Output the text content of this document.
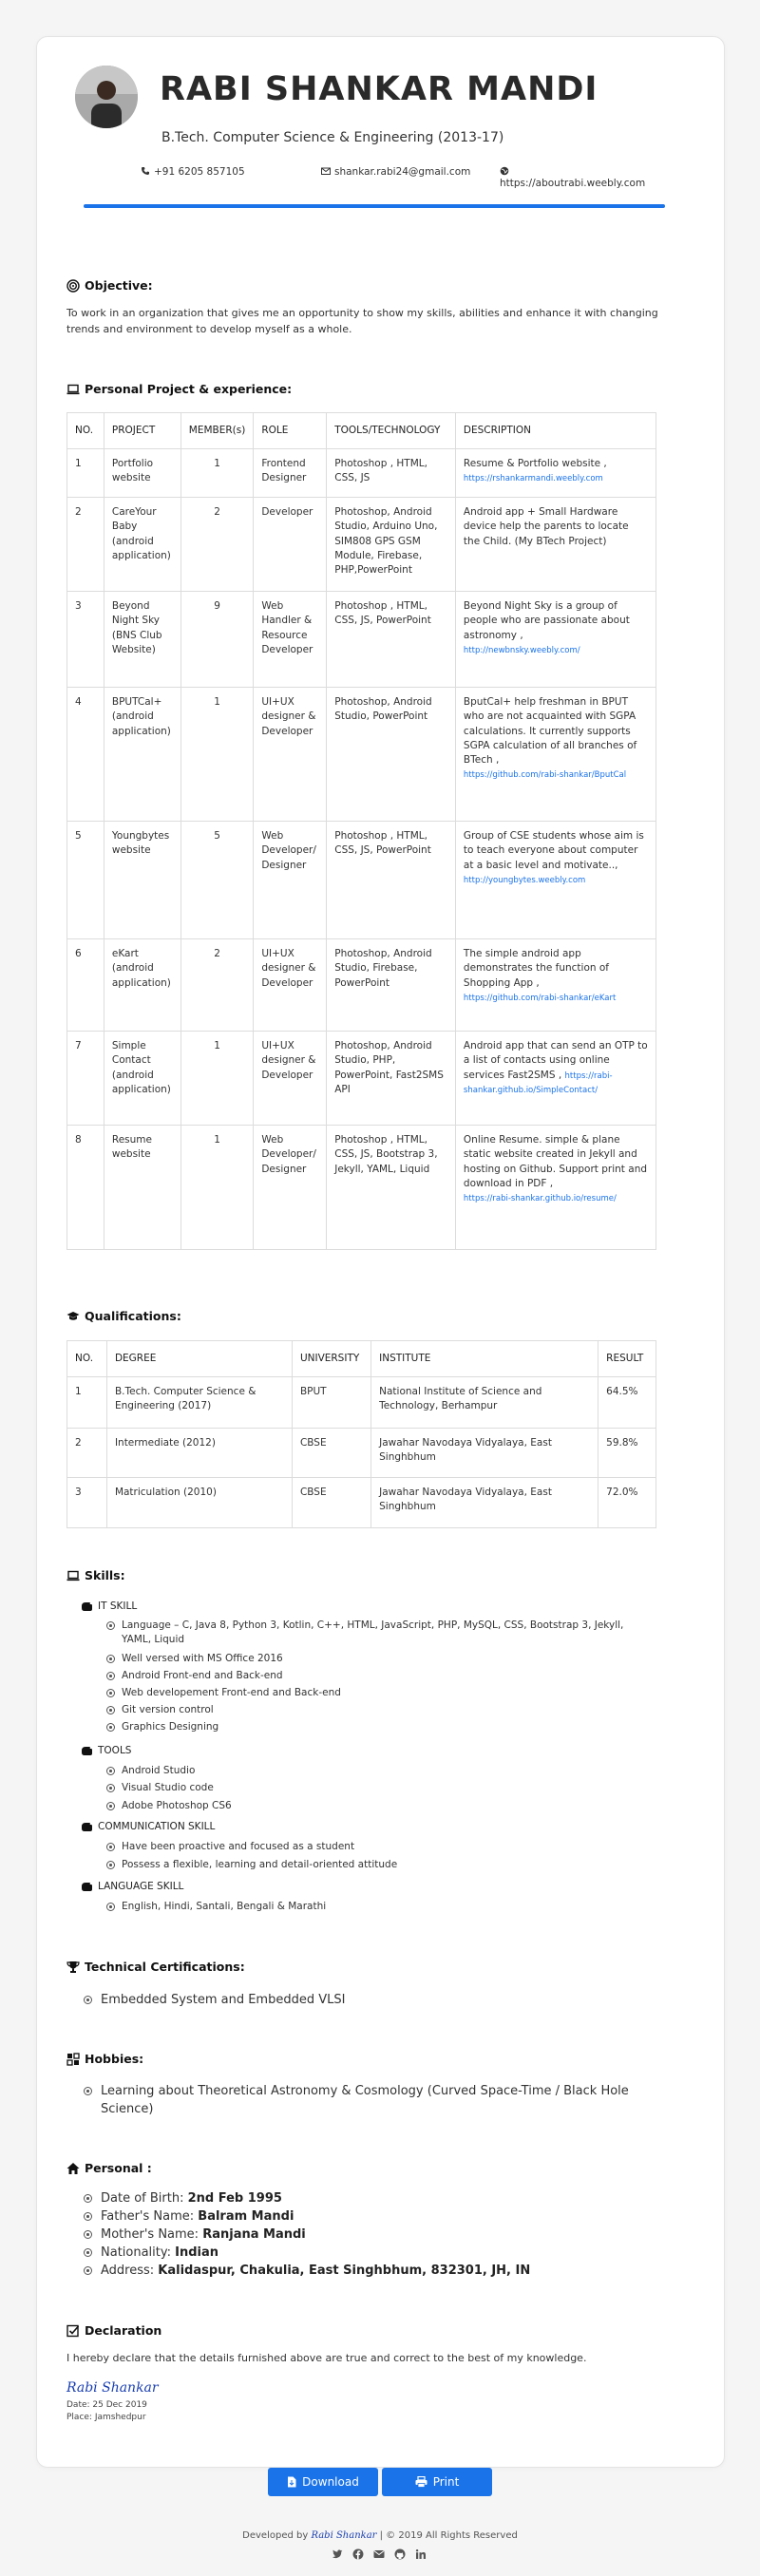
RABI SHANKAR MANDI
B.Tech. Computer Science & Engineering (2013-17)
+91 6205 857105	shankar.rabi24@gmail.com
https://aboutrabi.weebly.com
Objective:
To work in an organization that gives me an opportunity to show my skills, abilities and enhance it with changing trends and environment to develop myself as a whole.
Personal Project & experience:
NO.	PROJECT	MEMBER(s)	ROLE	TOOLS/TECHNOLOGY	DESCRIPTION
1	Portfolio website	1	Frontend Designer	Photoshop , HTML, CSS, JS	Resume & Portfolio website , https://rshankarmandi.weebly.com
2	CareYour Baby (android application)	2	Developer	Photoshop, Android Studio, Arduino Uno, SIM808 GPS GSM Module, Firebase, PHP,PowerPoint	Android app + Small Hardware device help the parents to locate the Child. (My BTech Project)
3	Beyond Night Sky (BNS Club Website)	9	Web Handler & Resource Developer	Photoshop , HTML, CSS, JS, PowerPoint	Beyond Night Sky is a group of people who are passionate about astronomy ,
http://newbnsky.weebly.com/
4	BPUTCal+ (android application)	1	UI+UX designer & Developer	Photoshop, Android Studio, PowerPoint	BputCal+ help freshman in BPUT who are not acquainted with SGPA calculations. It currently supports SGPA calculation of all branches of BTech ,
https://github.com/rabi-shankar/BputCal
5	Youngbytes website	5	Web Developer/ Designer	Photoshop , HTML, CSS, JS, PowerPoint	Group of CSE students whose aim is to teach everyone about computer at a basic level and motivate..,
http://youngbytes.weebly.com
6	eKart (android application)	2	UI+UX designer & Developer	Photoshop, Android Studio, Firebase, PowerPoint	The simple android app demonstrates the function of Shopping App ,
https://github.com/rabi-shankar/eKart
7	Simple Contact (android application)	1	UI+UX designer & Developer	Photoshop, Android Studio, PHP, PowerPoint, Fast2SMS API	Android app that can send an OTP to a list of contacts using online services Fast2SMS , https://rabi-shankar.github.io/SimpleContact/
8	Resume website	1	Web Developer/ Designer	Photoshop , HTML, CSS, JS, Bootstrap 3, Jekyll, YAML, Liquid	Online Resume. simple & plane static website created in Jekyll and hosting on Github. Support print and download in PDF ,
https://rabi-shankar.github.io/resume/
Qualifications:
NO.	DEGREE	UNIVERSITY	INSTITUTE	RESULT
1	B.Tech. Computer Science & Engineering (2017)	BPUT	National Institute of Science and Technology, Berhampur	64.5%
2	Intermediate (2012)	CBSE	Jawahar Navodaya Vidyalaya, East Singhbhum	59.8%
3	Matriculation (2010)	CBSE	Jawahar Navodaya Vidyalaya, East Singhbhum	72.0%
Skills:
IT SKILL
Language – C, Java 8, Python 3, Kotlin, C++, HTML, JavaScript, PHP, MySQL, CSS, Bootstrap 3, Jekyll, YAML, Liquid
Well versed with MS Office 2016
Android Front-end and Back-end
Web developement Front-end and Back-end
Git version control
Graphics Designing
TOOLS
Android Studio
Visual Studio code
Adobe Photoshop CS6
COMMUNICATION SKILL
Have been proactive and focused as a student
Possess a flexible, learning and detail-oriented attitude
LANGUAGE SKILL
English, Hindi, Santali, Bengali & Marathi
Technical Certifications:
Embedded System and Embedded VLSI
Hobbies:
Learning about Theoretical Astronomy & Cosmology (Curved Space-Time / Black Hole Science)
Personal :
Date of Birth: 2nd Feb 1995
Father's Name: Balram Mandi
Mother's Name: Ranjana Mandi
Nationality: Indian
Address: Kalidaspur, Chakulia, East Singhbhum, 832301, JH, IN
Declaration
I hereby declare that the details furnished above are true and correct to the best of my knowledge.
Rabi Shankar
Date: 25 Dec 2019
Place: Jamshedpur
Download	Print
Developed by Rabi Shankar | © 2019 All Rights Reserved
